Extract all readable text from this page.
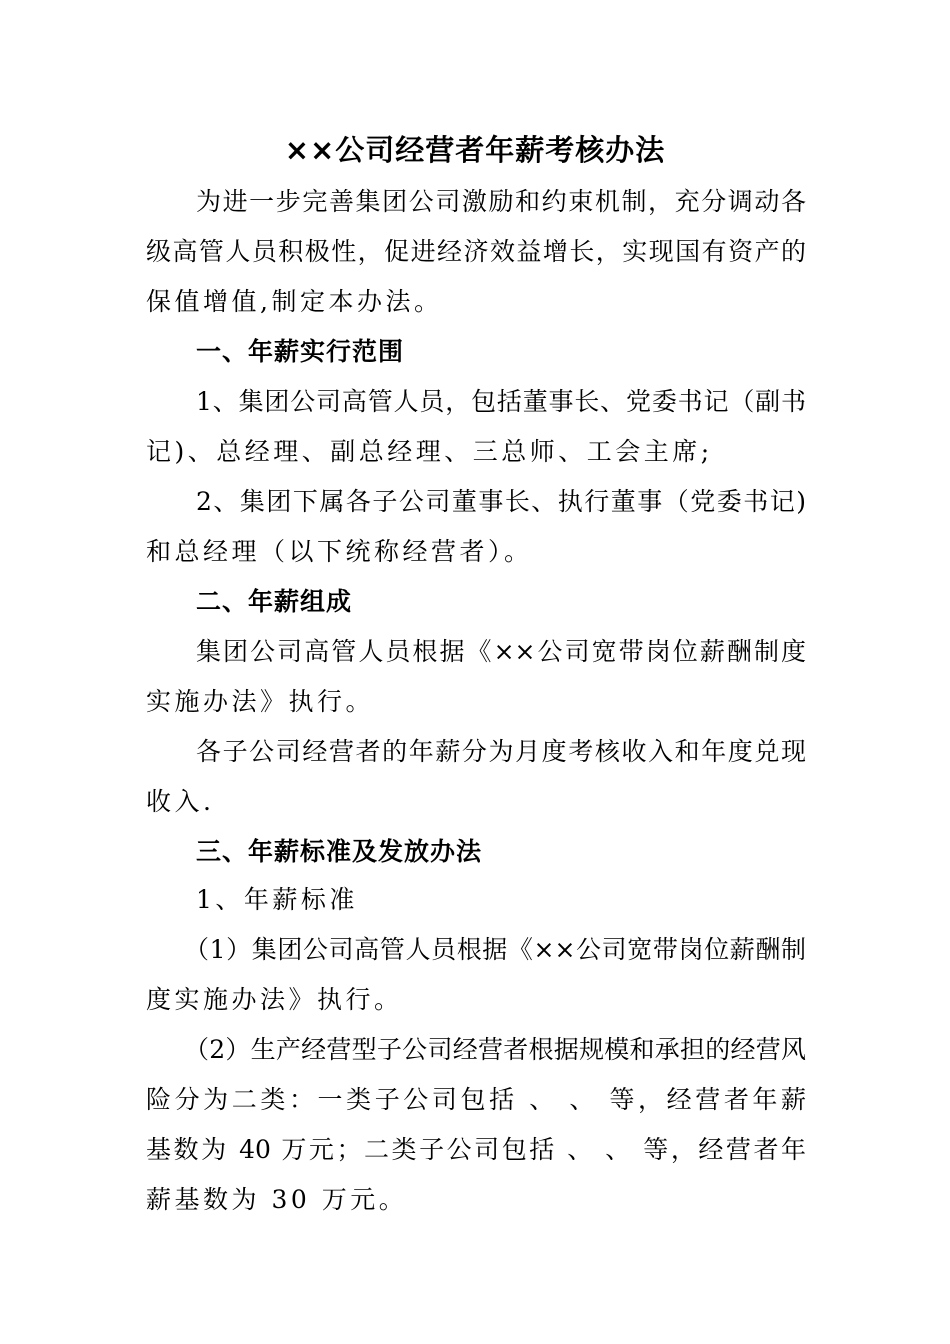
××公司经营者年薪考核办法
为进一步完善集团公司激励和约束机制，充分调动各
级高管人员积极性，促进经济效益增长，实现国有资产的
保值增值,制定本办法。
一、年薪实行范围
1、集团公司高管人员，包括董事长、党委书记（副书
记)、总经理、副总经理、三总师、工会主席;
2、集团下属各子公司董事长、执行董事（党委书记)
和总经理（以下统称经营者）。
二、年薪组成
集团公司高管人员根据《××公司宽带岗位薪酬制度
实施办法》执行。
各子公司经营者的年薪分为月度考核收入和年度兑现
收入.
三、年薪标准及发放办法
1、年薪标准
（1）集团公司高管人员根据《××公司宽带岗位薪酬制
度实施办法》执行。
（2）生产经营型子公司经营者根据规模和承担的经营风
险分为二类：一类子公司包括 、 、 等，经营者年薪
基数为 40 万元；二类子公司包括 、 、 等，经营者年
薪基数为 30 万元。
